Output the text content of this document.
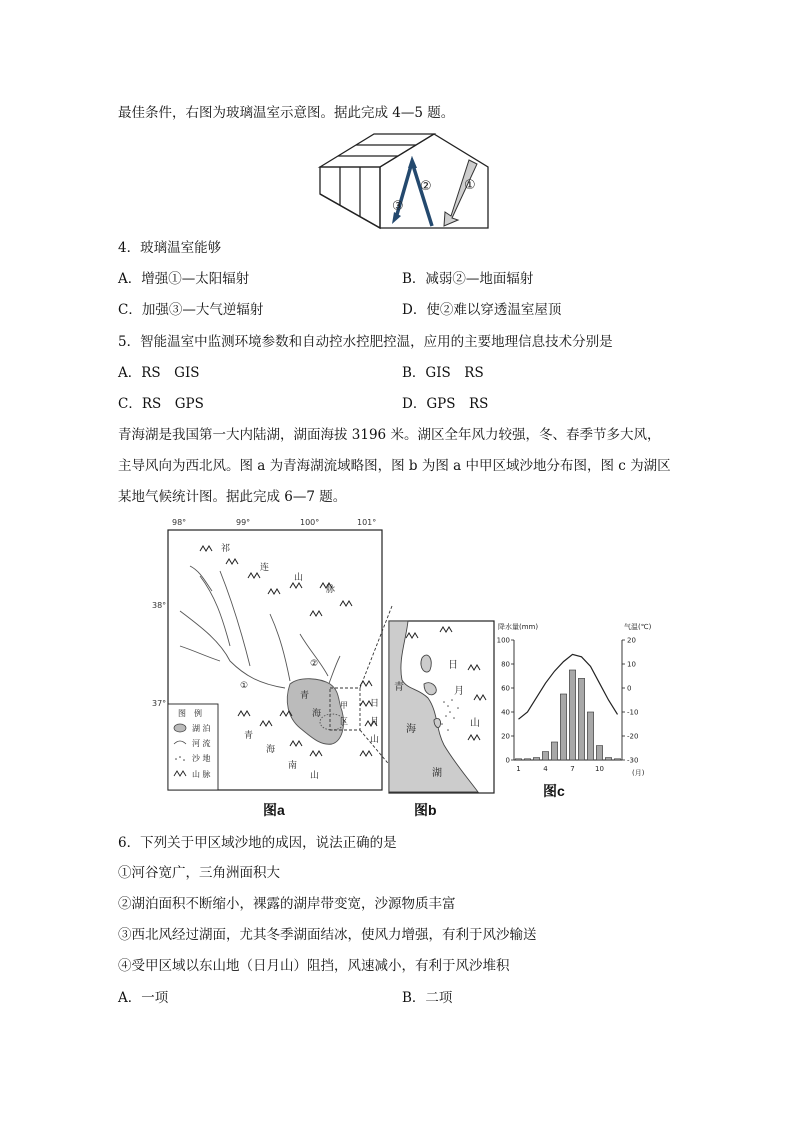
最佳条件，右图为玻璃温室示意图。据此完成 4—5 题。
①
②
③
4．玻璃温室能够
A．增强①—太阳辐射	B．减弱②—地面辐射
C．加强③—大气逆辐射	D．使②难以穿透温室屋顶
5．智能温室中监测环境参数和自动控水控肥控温，应用的主要地理信息技术分别是
A．RS　GIS	B．GIS　RS
C．RS　GPS	D．GPS　RS
青海湖是我国第一大内陆湖，湖面海拔 3196 米。湖区全年风力较强，冬、春季节多大风，
主导风向为西北风。图 a 为青海湖流域略图，图 b 为图 a 中甲区域沙地分布图，图 c 为湖区
某地气候统计图。据此完成 6—7 题。
98°	99°	100°	101°
38°
37°
祁
连
山
脉
青
海
青
海
南
山
日
月
山
甲
区
①
②
图　例
湖 泊
河 流
沙 地
山 脉
图a
青
海
湖
日
月
山
图b
降水量(mm)	气温(℃)
0
20
40
60
80
100	20
10
0
-10
-20
-30
1	4	7	10	(月)
图c
6．下列关于甲区域沙地的成因，说法正确的是
①河谷宽广，三角洲面积大
②湖泊面积不断缩小，裸露的湖岸带变宽，沙源物质丰富
③西北风经过湖面，尤其冬季湖面结冰，使风力增强，有利于风沙输送
④受甲区域以东山地（日月山）阻挡，风速减小，有利于风沙堆积
A．一项	B．二项
